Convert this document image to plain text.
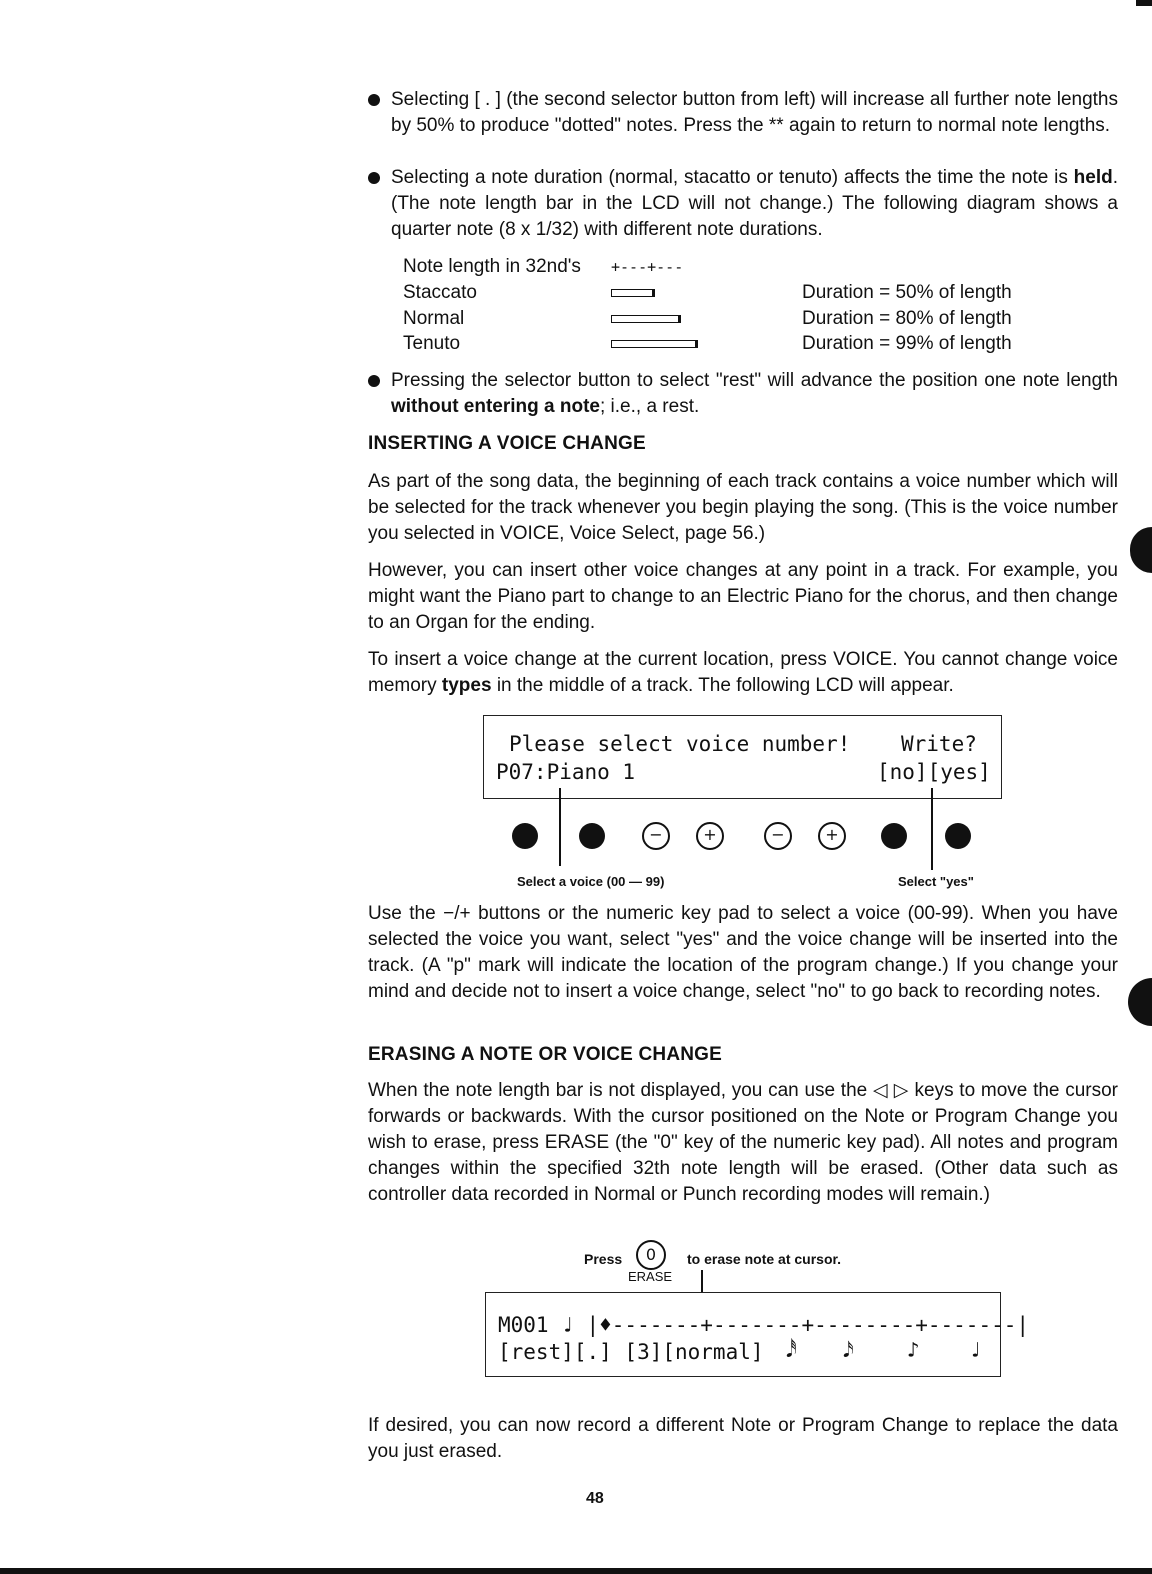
Selecting [ . ] (the second selector button from left) will increase all further note lengths by 50% to produce "dotted" notes. Press the ** again to return to normal note lengths.
Selecting a note duration (normal, stacatto or tenuto) affects the time the note is held. (The note length bar in the LCD will not change.) The following diagram shows a quarter note (8 x 1/32) with different note durations.
Note length in 32nd's +---+---
Staccato	Duration = 50% of length
Normal	Duration = 80% of length
Tenuto	Duration = 99% of length
Pressing the selector button to select "rest" will advance the position one note length without entering a note; i.e., a rest.
INSERTING A VOICE CHANGE
As part of the song data, the beginning of each track contains a voice number which will be selected for the track whenever you begin playing the song. (This is the voice number you selected in VOICE, Voice Select, page 56.)
However, you can insert other voice changes at any point in a track. For example, you might want the Piano part to change to an Electric Piano for the chorus, and then change to an Organ for the ending.
To insert a voice change at the current location, press VOICE. You cannot change voice memory types in the middle of a track. The following LCD will appear.
Please select voice number! Write?
P07:Piano 1	[no][yes]
−	+	−	+
Select a voice (00 — 99)	Select "yes"
Use the −/+ buttons or the numeric key pad to select a voice (00-99). When you have selected the voice you want, select "yes" and the voice change will be inserted into the track. (A "p" mark will indicate the location of the program change.) If you change your mind and decide not to insert a voice change, select "no" to go back to recording notes.
ERASING A NOTE OR VOICE CHANGE
When the note length bar is not displayed, you can use the ◁ ▷ keys to move the cursor forwards or backwards. With the cursor positioned on the Note or Program Change you wish to erase, press ERASE (the "0" key of the numeric key pad). All notes and program changes within the specified 32th note length will be erased. (Other data such as controller data recorded in Normal or Punch recording modes will remain.)
Press	0
ERASE
to erase note at cursor.
M001 ♩ |♦-------+-------+--------+-------|
[rest][.] [3][normal] 𝅘𝅥𝅰 𝅘𝅥𝅯	♪ ♩
If desired, you can now record a different Note or Program Change to replace the data you just erased.
48
